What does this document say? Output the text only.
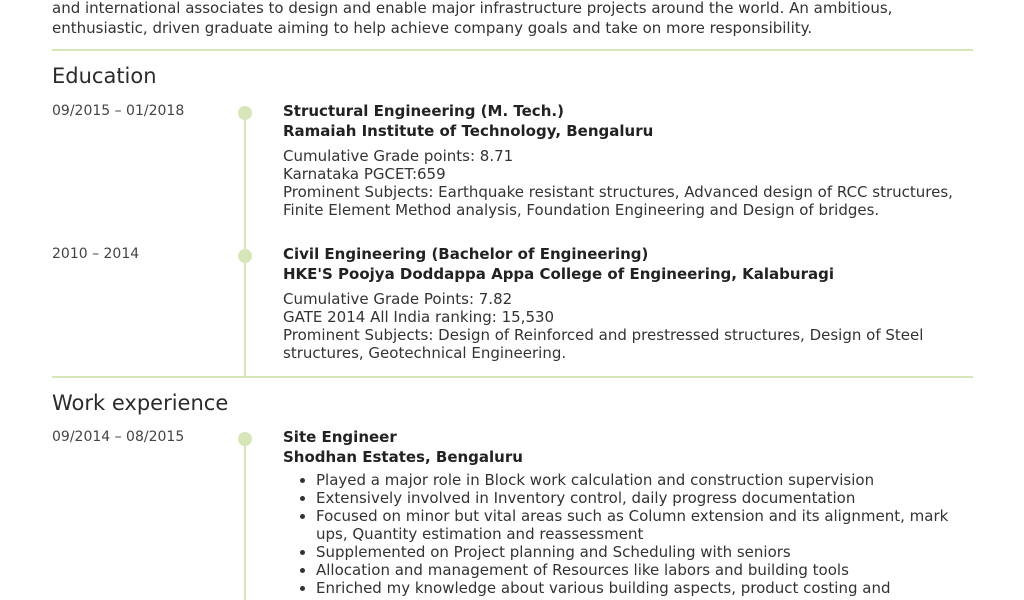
and international associates to design and enable major infrastructure projects around the world. An ambitious,
enthusiastic, driven graduate aiming to help achieve company goals and take on more responsibility.
Education
09/2015 – 01/2018	Structural Engineering (M. Tech.)
Ramaiah Institute of Technology, Bengaluru
Cumulative Grade points: 8.71
Karnataka PGCET:659
Prominent Subjects: Earthquake resistant structures, Advanced design of RCC structures,
Finite Element Method analysis, Foundation Engineering and Design of bridges.
2010 – 2014	Civil Engineering (Bachelor of Engineering)
HKE'S Poojya Doddappa Appa College of Engineering, Kalaburagi
Cumulative Grade Points: 7.82
GATE 2014 All India ranking: 15,530
Prominent Subjects: Design of Reinforced and prestressed structures, Design of Steel
structures, Geotechnical Engineering.
Work experience
09/2014 – 08/2015	Site Engineer
Shodhan Estates, Bengaluru
• Played a major role in Block work calculation and construction supervision
• Extensively involved in Inventory control, daily progress documentation
• Focused on minor but vital areas such as Column extension and its alignment, mark
ups, Quantity estimation and reassessment
• Supplemented on Project planning and Scheduling with seniors
• Allocation and management of Resources like labors and building tools
• Enriched my knowledge about various building aspects, product costing and
